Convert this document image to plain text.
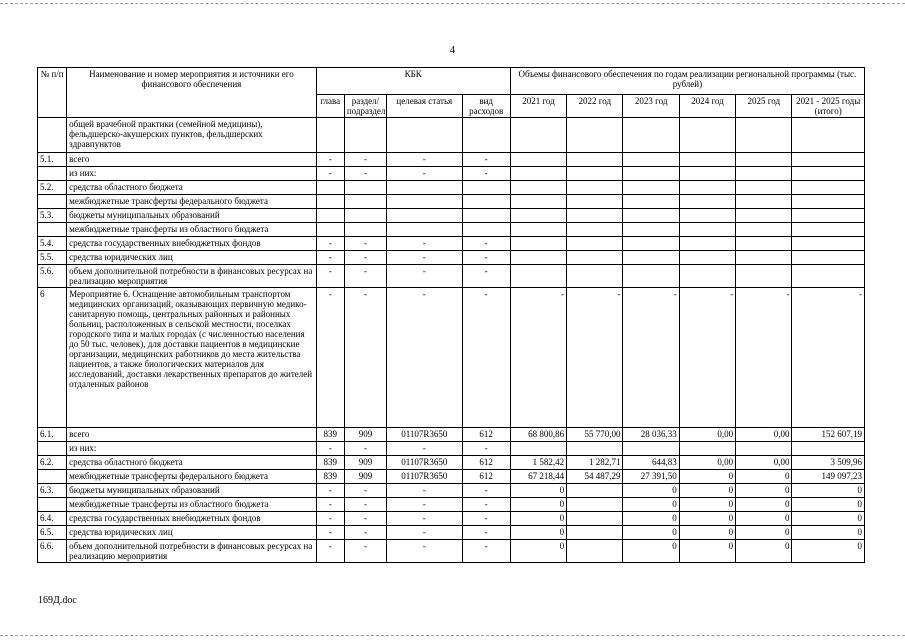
4
№ п/п	Наименование и номер мероприятия и источники его финансового обеспечения	КБК				Объемы финансового обеспечения по годам реализации региональной программы (тыс. рублей)					
		глава	раздел/ подраздел	целевая статья	вид расходов	2021 год	2022 год	2023 год	2024 год	2025 год	2021 - 2025 годы (итого)
	общей врачебной практики (семейной медицины), фельдшерско-акушерских пунктов, фельдшерских здравпунктов										
5.1.	всего	-	-	-	-						
	из них:	-	-	-	-						
5.2.	средства областного бюджета										
	межбюджетные трансферты федерального бюджета										
5.3.	бюджеты муниципальных образований										
	межбюджетные трансферты из областного бюджета										
5.4.	средства государственных внебюджетных фондов	-	-	-	-						
5.5.	средства юридических лиц	-	-	-	-						
5.6.	объем дополнительной потребности в финансовых ресурсах на реализацию мероприятия	-	-	-	-						
6	Мероприятие 6. Оснащение автомобильным транспортом медицинских организаций, оказывающих первичную медико-санитарную помощь, центральных районных и районных больниц, расположенных в сельской местности, поселках городского типа и малых городах (с численностью населения до 50 тыс. человек), для доставки пациентов в медицинские организации, медицинских работников до места жительства пациентов, а также биологических материалов для исследований, доставки лекарственных препаратов до жителей отдаленных районов	-	-	-	-	-	-	-	-	-	-
6.1.	всего	839	909	01107R3650	612	68 800,86	55 770,00	28 036,33	0,00	0,00	152 607,19
	из них:	-	-	-	-						
6.2.	средства областного бюджета	839	909	01107R3650	612	1 582,42	1 282,71	644,83	0,00	0,00	3 509,96
	межбюджетные трансферты федерального бюджета	839	909	01107R3650	612	67 218,44	54 487,29	27 391,50	0	0	149 097,23
6.3.	бюджеты муниципальных образований	-	-	-	-	0		0	0	0	0
	межбюджетные трансферты из областного бюджета	-	-	-	-	0		0	0	0	0
6.4.	средства государственных внебюджетных фондов	-	-	-	-	0		0	0	0	0
6.5.	средства юридических лиц	-	-	-	-	0		0	0	0	0
6.6.	объем дополнительной потребности в финансовых ресурсах на реализацию мероприятия	-	-	-	-	0		0	0	0	0
169Д.doc
